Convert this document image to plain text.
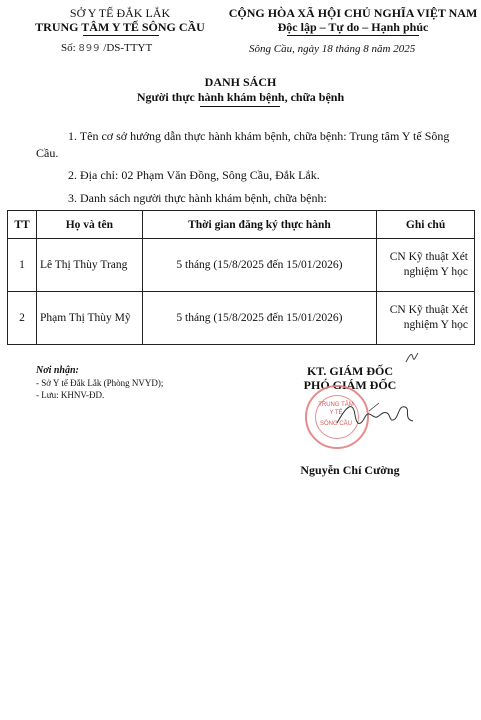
SỞ Y TẾ ĐẮK LẮK
TRUNG TÂM Y TẾ SÔNG CẦU
CỘNG HÒA XÃ HỘI CHỦ NGHĨA VIỆT NAM
Độc lập – Tự do – Hạnh phúc
Số: 899 /DS-TTYT	Sông Cầu, ngày 18 tháng 8 năm 2025
DANH SÁCH
Người thực hành khám bệnh, chữa bệnh
1. Tên cơ sở hướng dẫn thực hành khám bệnh, chữa bệnh: Trung tâm Y tế Sông Cầu.
2. Địa chỉ: 02 Phạm Văn Đồng, Sông Cầu, Đắk Lắk.
3. Danh sách người thực hành khám bệnh, chữa bệnh:
TT	Họ và tên	Thời gian đăng ký thực hành	Ghi chú
1	Lê Thị Thùy Trang	5 tháng (15/8/2025 đến 15/01/2026)	CN Kỹ thuật Xét nghiệm Y học
2	Phạm Thị Thùy Mỹ	5 tháng (15/8/2025 đến 15/01/2026)	CN Kỹ thuật Xét nghiệm Y học
Nơi nhận:
- Sở Y tế Đắk Lắk (Phòng NVYD);
- Lưu: KHNV-ĐD.
KT. GIÁM ĐỐC
PHÓ GIÁM ĐỐC
TRUNG TÂM
Y TẾ
SÔNG CẦU
Nguyễn Chí Cường
